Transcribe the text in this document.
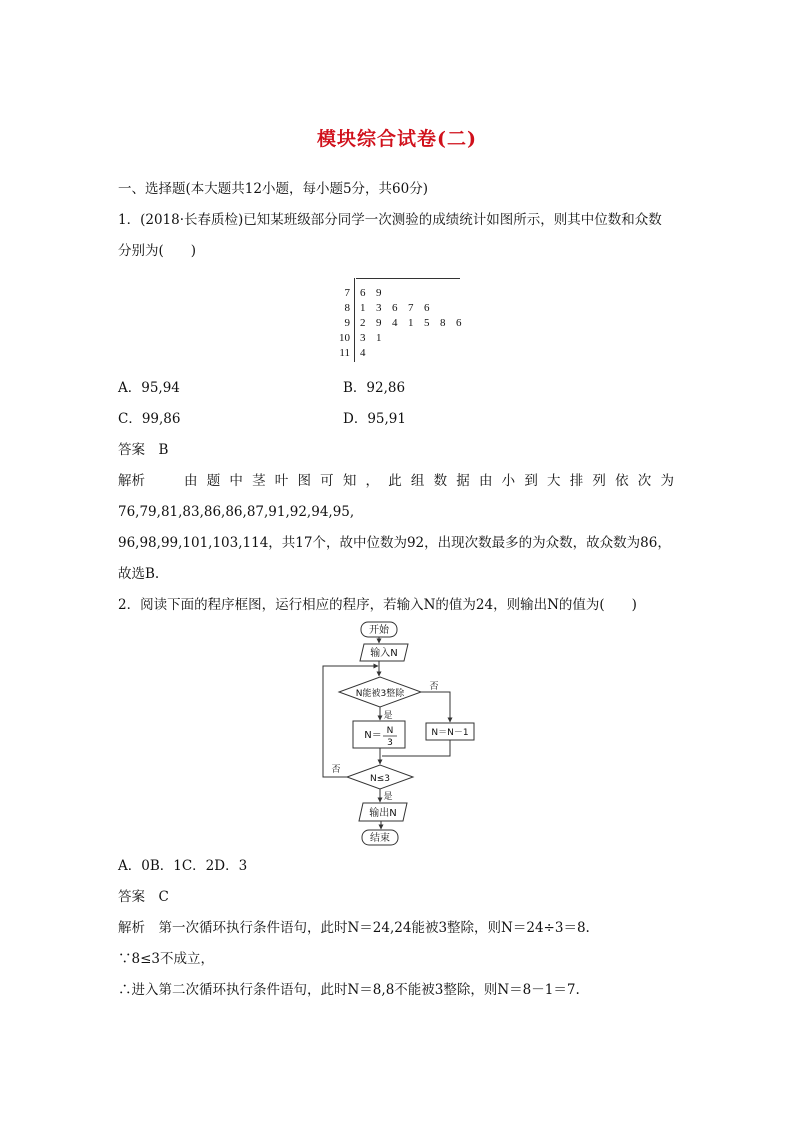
模块综合试卷(二)
一、选择题(本大题共12小题，每小题5分，共60分)
1．(2018·长春质检)已知某班级部分同学一次测验的成绩统计如图所示，则其中位数和众数
分别为(　　)
7 6 9
8 1 3 6 7 6
9 2 9 4 1 5 8 6
10 3 1
11 4
A．95,94	B．92,86
C．99,86	D．95,91
答案　B
解析	由 题 中 茎 叶 图 可 知 ， 此 组 数 据 由 小 到 大 排 列 依 次 为
76,79,81,83,86,86,87,91,92,94,95,
96,98,99,101,103,114，共17个，故中位数为92，出现次数最多的为众数，故众数为86，
故选B.
2．阅读下面的程序框图，运行相应的程序，若输入N的值为24，则输出N的值为(　　)
开始
输入N
N能被3整除
是
否
N＝ N
3
N＝N－1
N≤3
否
是
输出N
结束
A．0B．1C．2D．3
答案　C
解析　第一次循环执行条件语句，此时N＝24,24能被3整除，则N＝24÷3＝8.
∵8≤3不成立，
∴进入第二次循环执行条件语句，此时N＝8,8不能被3整除，则N＝8－1＝7.
